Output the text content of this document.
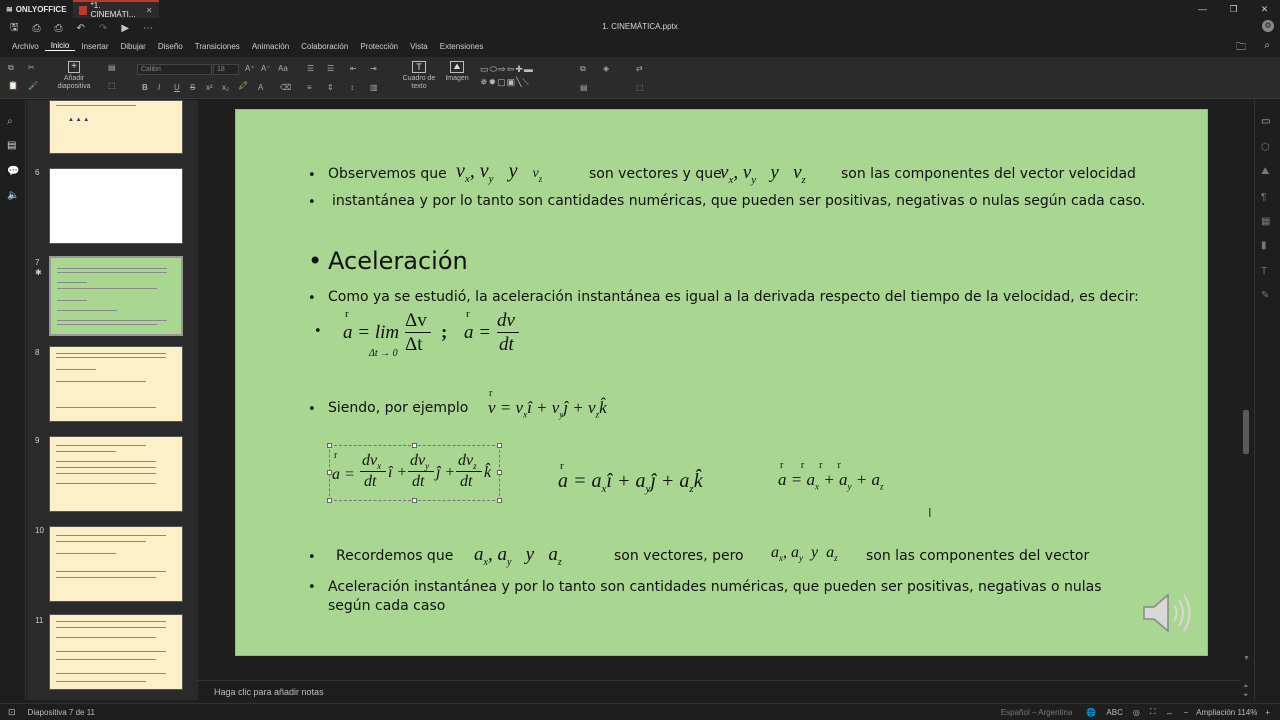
≋ ONLYOFFICE	*1. CINEMÁTI...	✕	—	❐	✕
🖫 ⎙ ⎙ ↶ ↷ ▶ ⋯	1. CINEMÁTICA.pptx	⚙
Archivo	Inicio	Insertar	Dibujar	Diseño	Transiciones	Animación	Colaboración	Protección	Vista	Extensiones	🗀 ⌕
⧉ ✂
📋 🖌
+
Añadir diapositiva
▤
⬚
Calibri	18	A⁺ A⁻ Aa
B I U S x² x₂ 🖍 A ⌫
☰ ☰ ⇤ ⇥
≡ ⇕ ↕ ▥
T
Cuadro de texto
⛰
Imagen
▭⬭⇨⇦✚▬
✵✹▢▣╲⟍
⧉ ◈
▤
⇄
⬚
⌕
▤
💬
🔈
▲ ▲ ▲
6
7
✱
8
9
10
11
• Observemos que $v_x$, $v_y$   y   $v_z$	son vectores y que
$v_x$, $v_y$   y   $v_z$	son las componentes del vector velocidad
• instantánea y por lo tanto son cantidades numéricas, que pueden ser positivas, negativas o nulas según cada caso.
• Aceleración
• Como ya se estudió, la aceleración instantánea es igual a la derivada respecto del tiempo de la velocidad, es decir:
•
r
a = lim
Δt → 0
Δv
Δt
;
r
a =
dv
dt
• Siendo, por ejemplo
r
$v = v_xî$ + $v_yĵ$ + $v_zk̂$
r
a =
$dv_x$
dt
î +
$dv_y$
dt
ĵ +
$dv_z$
dt
k̂	r
$a = a_xî$ + $a_yĵ$ + $a_zk̂$
r       r      r      r
$a = a_x + a_y + a_z$
I
• Recordemos que $a_x$, $a_y$   y   $a_z$	son vectores, pero $a_x$, $a_y$  y  $a_z$ son las componentes del vector
• Aceleración instantánea y por lo tanto son cantidades numéricas, que pueden ser positivas, negativas o nulas según cada caso
▼
⏶
⏷
▭
⬡
⛰
¶
▦
▮
T
✎
Haga clic para añadir notas
⊡ Diapositiva 7 de 11	Español – Argentina 🌐 ABC ◎ ⛶ ↔ − Ampliación 114% +
